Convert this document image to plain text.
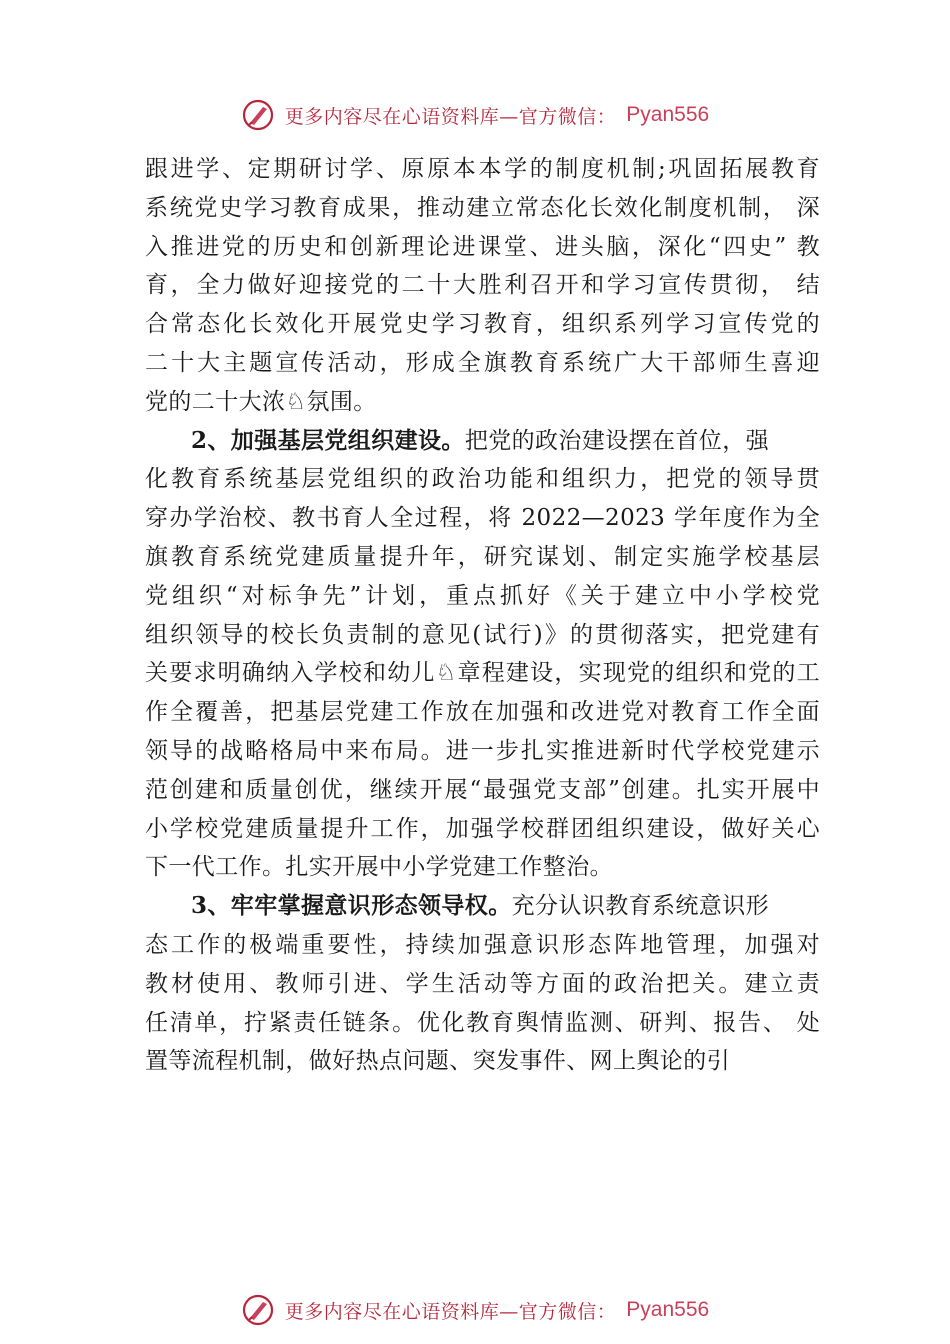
更多内容尽在心语资料库—官方微信： Pyan556
跟进学、定期研讨学、原原本本学的制度机制;巩固拓展教育
系统党史学习教育成果，推动建立常态化长效化制度机制， 深
入推进党的历史和创新理论进课堂、进头脑，深化“四史” 教
育，全力做好迎接党的二十大胜利召开和学习宣传贯彻， 结
合常态化长效化开展党史学习教育，组织系列学习宣传党的
二十大主题宣传活动，形成全旗教育系统广大干部师生喜迎
党的二十大浓♘氛围。
2、加强基层党组织建设。把党的政治建设摆在首位，强
化教育系统基层党组织的政治功能和组织力，把党的领导贯
穿办学治校、教书育人全过程，将 2022—2023 学年度作为全
旗教育系统党建质量提升年，研究谋划、制定实施学校基层
党组织“对标争先”计划，重点抓好《关于建立中小学校党
组织领导的校长负责制的意见(试行)》的贯彻落实，把党建有
关要求明确纳入学校和幼儿♘章程建设，实现党的组织和党的工
作全覆善，把基层党建工作放在加强和改进党对教育工作全面
领导的战略格局中来布局。进一步扎实推进新时代学校党建示
范创建和质量创优，继续开展“最强党支部”创建。扎实开展中
小学校党建质量提升工作，加强学校群团组织建设，做好关心
下一代工作。扎实开展中小学党建工作整治。
3、牢牢掌握意识形态领导权。充分认识教育系统意识形
态工作的极端重要性，持续加强意识形态阵地管理，加强对
教材使用、教师引进、学生活动等方面的政治把关。建立责
任清单，拧紧责任链条。优化教育舆情监测、研判、报告、 处
置等流程机制，做好热点问题、突发事件、网上舆论的引
更多内容尽在心语资料库—官方微信： Pyan556
